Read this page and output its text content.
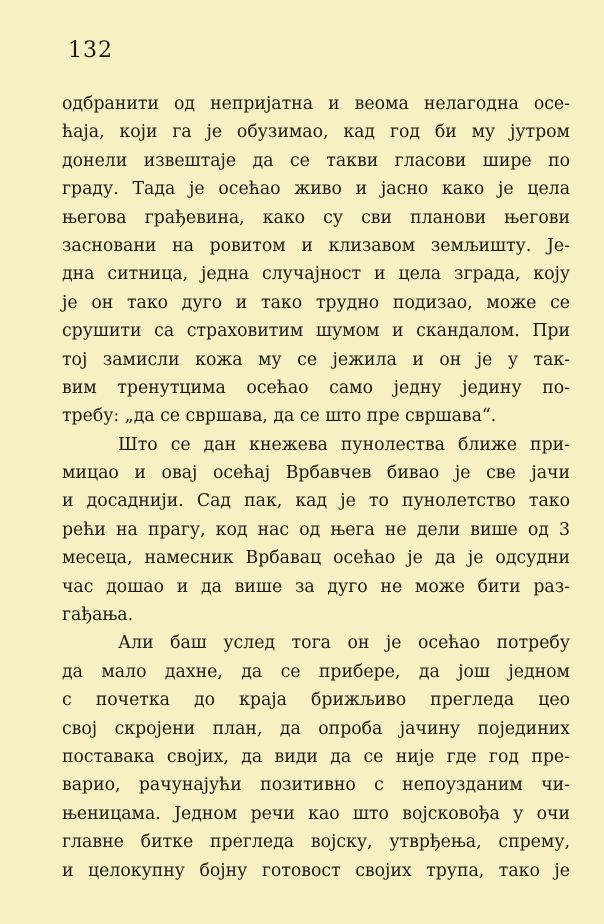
132
одбранити од непријатна и веома нелагодна осе-
ћаја, који га је обузимао, кад год би му јутром
донели извештаје да се такви гласови шире по
граду. Тада је осећао живо и јасно како је цела
његова грађевина, како су сви планови његови
засновани на ровитом и клизавом земљишту. Је-
дна ситница, једна случајност и цела зграда, коју
је он тако дуго и тако трудно подизао, може се
срушити са страховитим шумом и скандалом. При
тој замисли кожа му се јежила и он је у так-
вим тренутцима осећао само једну једину по-
требу: „да се свршава, да се што пре свршава“.
Што се дан кнежева пунолества ближе при-
мицао и овај осећај Врбавчев бивао је све јачи
и досаднији. Сад пак, кад је то пунолетство тако
рећи на прагу, код нас од њега не дели више од 3
месеца, намесник Врбавац осећао је да је одсудни
час дошао и да више за дуго не може бити раз-
гађања.
Али баш услед тога он је осећао потребу
да мало дахне, да се прибере, да још једном
с почетка до краја брижљиво прегледа цео
свој скројени план, да опроба јачину појединих
поставака својих, да види да се није где год пре-
варио, рачунајући позитивно с непоузданим чи-
њеницама. Једном речи као што војсковођа у очи
главне битке прегледа војску, утврђења, спрему,
и целокупну бојну готовост својих трупа, тако је
